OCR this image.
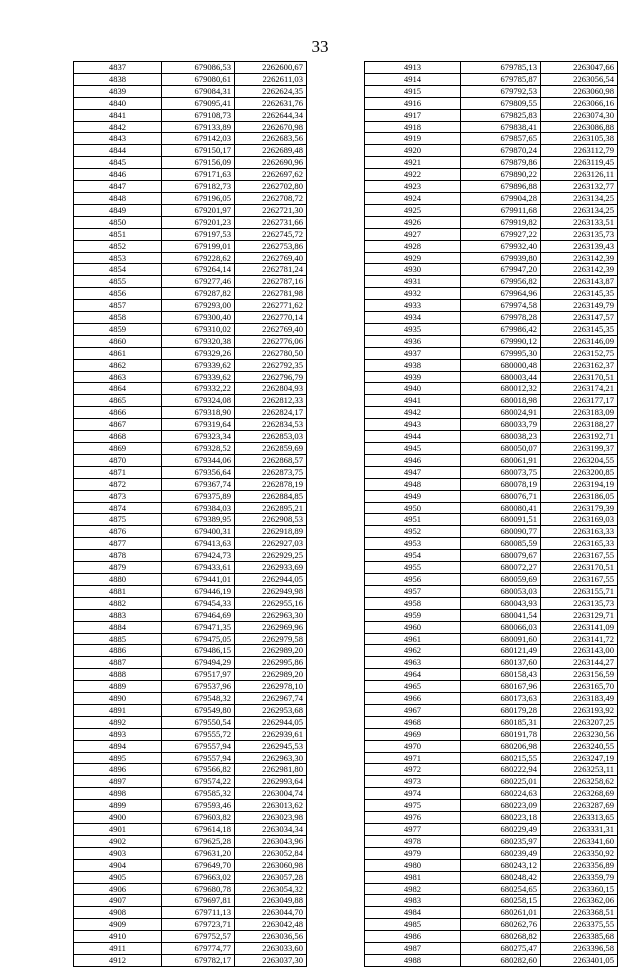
33
4837	679086,53	2262600,67
4838	679080,61	2262611,03
4839	679084,31	2262624,35
4840	679095,41	2262631,76
4841	679108,73	2262644,34
4842	679133,89	2262670,98
4843	679142,03	2262683,56
4844	679150,17	2262689,48
4845	679156,09	2262690,96
4846	679171,63	2262697,62
4847	679182,73	2262702,80
4848	679196,05	2262708,72
4849	679201,97	2262721,30
4850	679201,23	2262731,66
4851	679197,53	2262745,72
4852	679199,01	2262753,86
4853	679228,62	2262769,40
4854	679264,14	2262781,24
4855	679277,46	2262787,16
4856	679287,82	2262781,98
4857	679293,00	2262771,62
4858	679300,40	2262770,14
4859	679310,02	2262769,40
4860	679320,38	2262776,06
4861	679329,26	2262780,50
4862	679339,62	2262792,35
4863	679339,62	2262796,79
4864	679332,22	2262804,93
4865	679324,08	2262812,33
4866	679318,90	2262824,17
4867	679319,64	2262834,53
4868	679323,34	2262853,03
4869	679328,52	2262859,69
4870	679344,06	2262868,57
4871	679356,64	2262873,75
4872	679367,74	2262878,19
4873	679375,89	2262884,85
4874	679384,03	2262895,21
4875	679389,95	2262908,53
4876	679400,31	2262918,89
4877	679413,63	2262927,03
4878	679424,73	2262929,25
4879	679433,61	2262933,69
4880	679441,01	2262944,05
4881	679446,19	2262949,98
4882	679454,33	2262955,16
4883	679464,69	2262963,30
4884	679471,35	2262969,96
4885	679475,05	2262979,58
4886	679486,15	2262989,20
4887	679494,29	2262995,86
4888	679517,97	2262989,20
4889	679537,96	2262978,10
4890	679548,32	2262967,74
4891	679549,80	2262953,68
4892	679550,54	2262944,05
4893	679555,72	2262939,61
4894	679557,94	2262945,53
4895	679557,94	2262963,30
4896	679566,82	2262981,80
4897	679574,22	2262993,64
4898	679585,32	2263004,74
4899	679593,46	2263013,62
4900	679603,82	2263023,98
4901	679614,18	2263034,34
4902	679625,28	2263043,96
4903	679631,20	2263052,84
4904	679649,70	2263060,98
4905	679663,02	2263057,28
4906	679680,78	2263054,32
4907	679697,81	2263049,88
4908	679711,13	2263044,70
4909	679723,71	2263042,48
4910	679752,57	2263036,56
4911	679774,77	2263033,60
4912	679782,17	2263037,30
4913	679785,13	2263047,66
4914	679785,87	2263056,54
4915	679792,53	2263060,98
4916	679809,55	2263066,16
4917	679825,83	2263074,30
4918	679838,41	2263086,88
4919	679857,65	2263105,38
4920	679870,24	2263112,79
4921	679879,86	2263119,45
4922	679890,22	2263126,11
4923	679896,88	2263132,77
4924	679904,28	2263134,25
4925	679911,68	2263134,25
4926	679919,82	2263133,51
4927	679927,22	2263135,73
4928	679932,40	2263139,43
4929	679939,80	2263142,39
4930	679947,20	2263142,39
4931	679956,82	2263143,87
4932	679964,96	2263145,35
4933	679974,58	2263149,79
4934	679978,28	2263147,57
4935	679986,42	2263145,35
4936	679990,12	2263146,09
4937	679995,30	2263152,75
4938	680000,48	2263162,37
4939	680003,44	2263170,51
4940	680012,32	2263174,21
4941	680018,98	2263177,17
4942	680024,91	2263183,09
4943	680033,79	2263188,27
4944	680038,23	2263192,71
4945	680050,07	2263199,37
4946	680061,91	2263204,55
4947	680073,75	2263200,85
4948	680078,19	2263194,19
4949	680076,71	2263186,05
4950	680080,41	2263179,39
4951	680091,51	2263169,03
4952	680090,77	2263163,33
4953	680085,59	2263165,33
4954	680079,67	2263167,55
4955	680072,27	2263170,51
4956	680059,69	2263167,55
4957	680053,03	2263155,71
4958	680043,93	2263135,73
4959	680041,54	2263129,71
4960	680066,03	2263141,09
4961	680091,60	2263141,72
4962	680121,49	2263143,00
4963	680137,60	2263144,27
4964	680158,43	2263156,59
4965	680167,96	2263165,70
4966	680173,63	2263183,49
4967	680179,28	2263193,92
4968	680185,31	2263207,25
4969	680191,78	2263230,56
4970	680206,98	2263240,55
4971	680215,55	2263247,19
4972	680222,94	2263253,11
4973	680225,01	2263258,62
4974	680224,63	2263268,69
4975	680223,09	2263287,69
4976	680223,18	2263313,65
4977	680229,49	2263331,31
4978	680235,97	2263341,60
4979	680239,49	2263350,92
4980	680243,12	2263356,89
4981	680248,42	2263359,79
4982	680254,65	2263360,15
4983	680258,15	2263362,06
4984	680261,01	2263368,51
4985	680262,76	2263375,55
4986	680268,82	2263385,68
4987	680275,47	2263396,58
4988	680282,60	2263401,05
